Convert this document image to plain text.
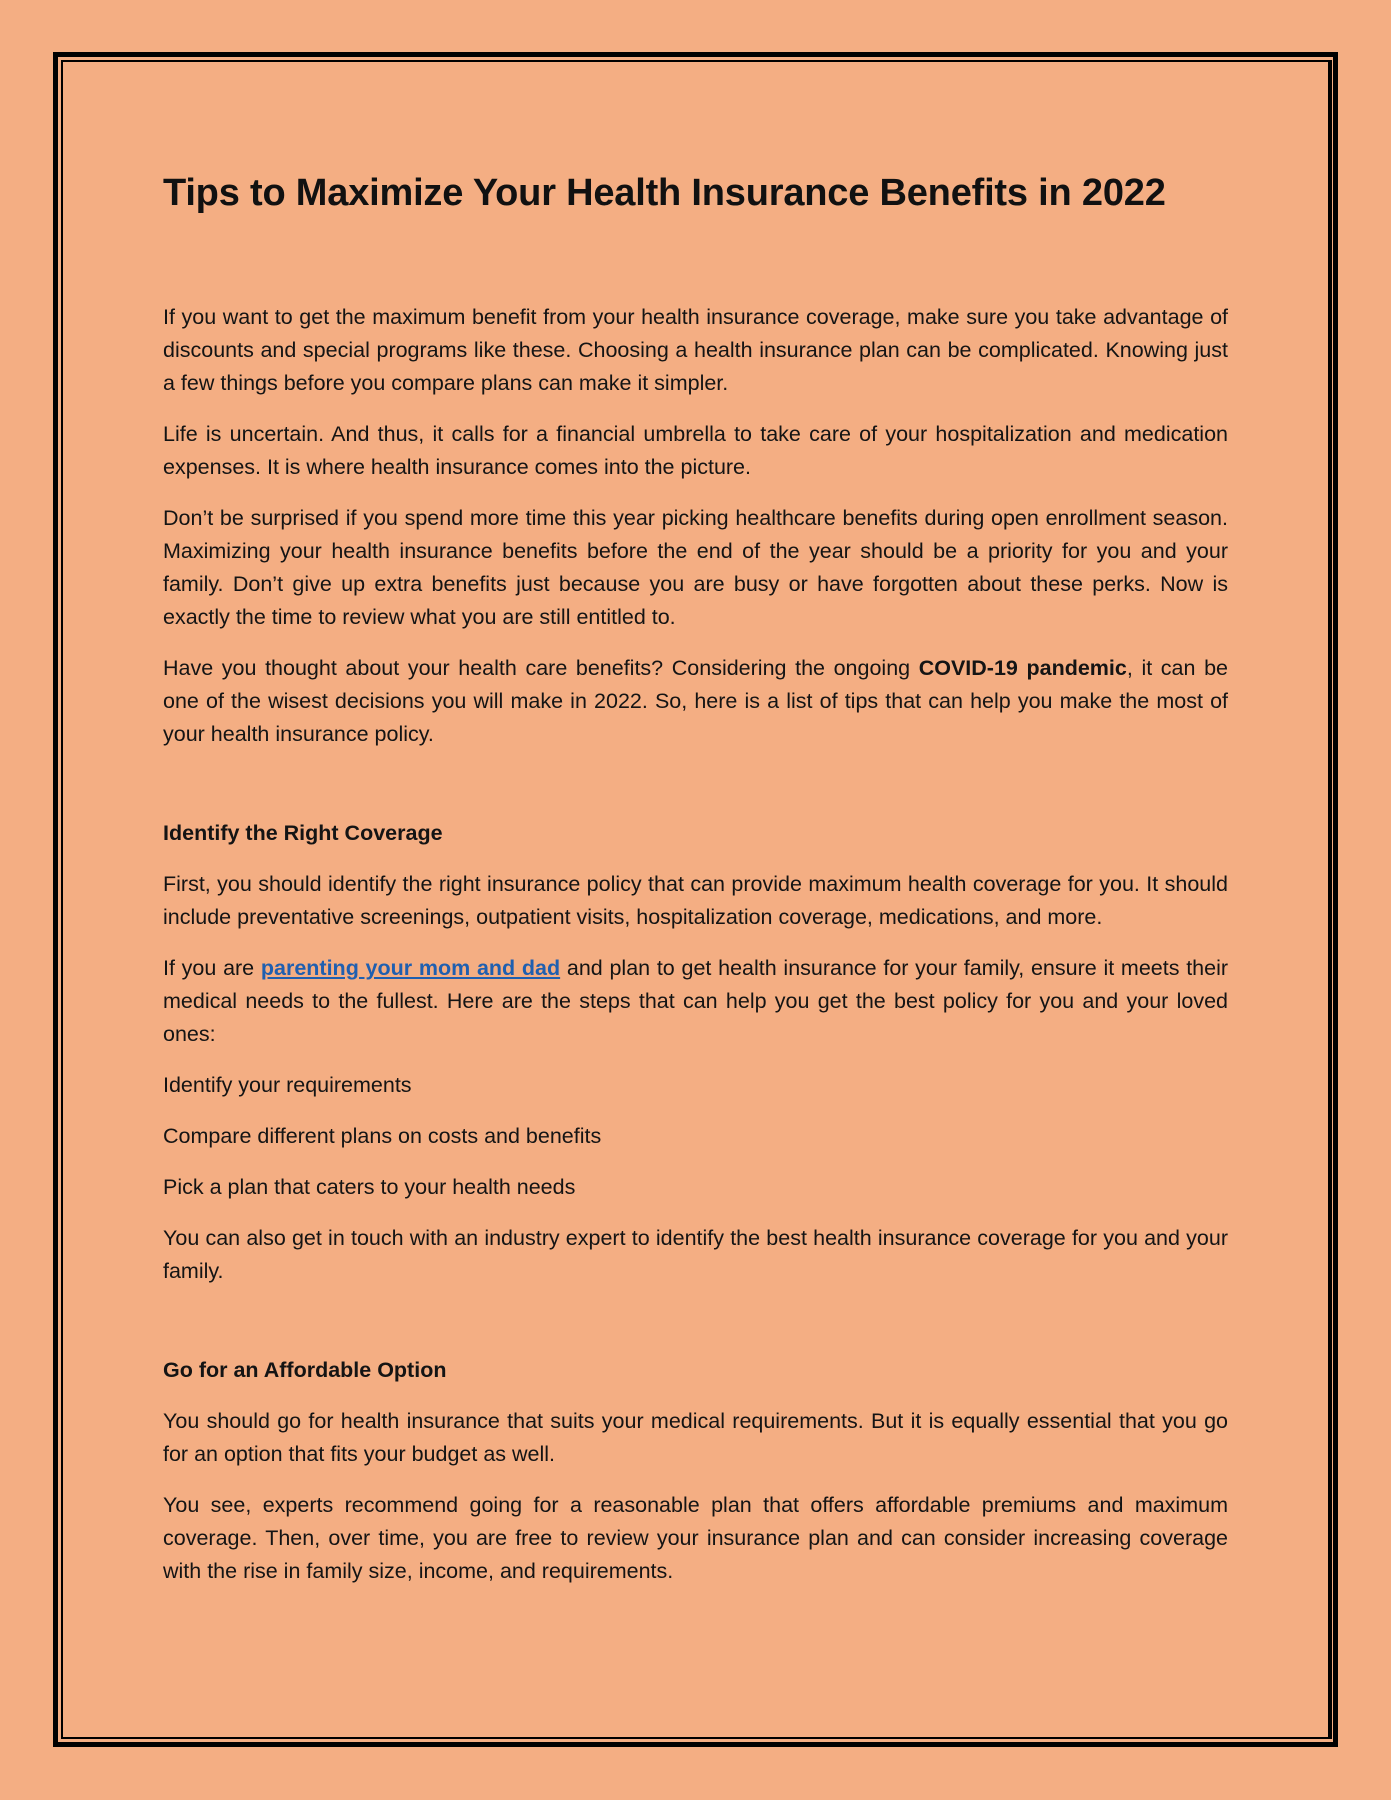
Tips to Maximize Your Health Insurance Benefits in 2022

If you want to get the maximum benefit from your health insurance coverage, make sure you take advantage of discounts and special programs like these. Choosing a health insurance plan can be complicated. Knowing just a few things before you compare plans can make it simpler.

Life is uncertain. And thus, it calls for a financial umbrella to take care of your hospitalization and medication expenses. It is where health insurance comes into the picture.

Don’t be surprised if you spend more time this year picking healthcare benefits during open enrollment season. Maximizing your health insurance benefits before the end of the year should be a priority for you and your family. Don’t give up extra benefits just because you are busy or have forgotten about these perks. Now is exactly the time to review what you are still entitled to.

Have you thought about your health care benefits? Considering the ongoing COVID-19 pandemic, it can be one of the wisest decisions you will make in 2022. So, here is a list of tips that can help you make the most of your health insurance policy.

Identify the Right Coverage

First, you should identify the right insurance policy that can provide maximum health coverage for you. It should include preventative screenings, outpatient visits, hospitalization coverage, medications, and more.

If you are parenting your mom and dad and plan to get health insurance for your family, ensure it meets their medical needs to the fullest. Here are the steps that can help you get the best policy for you and your loved ones:

Identify your requirements

Compare different plans on costs and benefits

Pick a plan that caters to your health needs

You can also get in touch with an industry expert to identify the best health insurance coverage for you and your family.

Go for an Affordable Option

You should go for health insurance that suits your medical requirements. But it is equally essential that you go for an option that fits your budget as well.

You see, experts recommend going for a reasonable plan that offers affordable premiums and maximum coverage. Then, over time, you are free to review your insurance plan and can consider increasing coverage with the rise in family size, income, and requirements.
